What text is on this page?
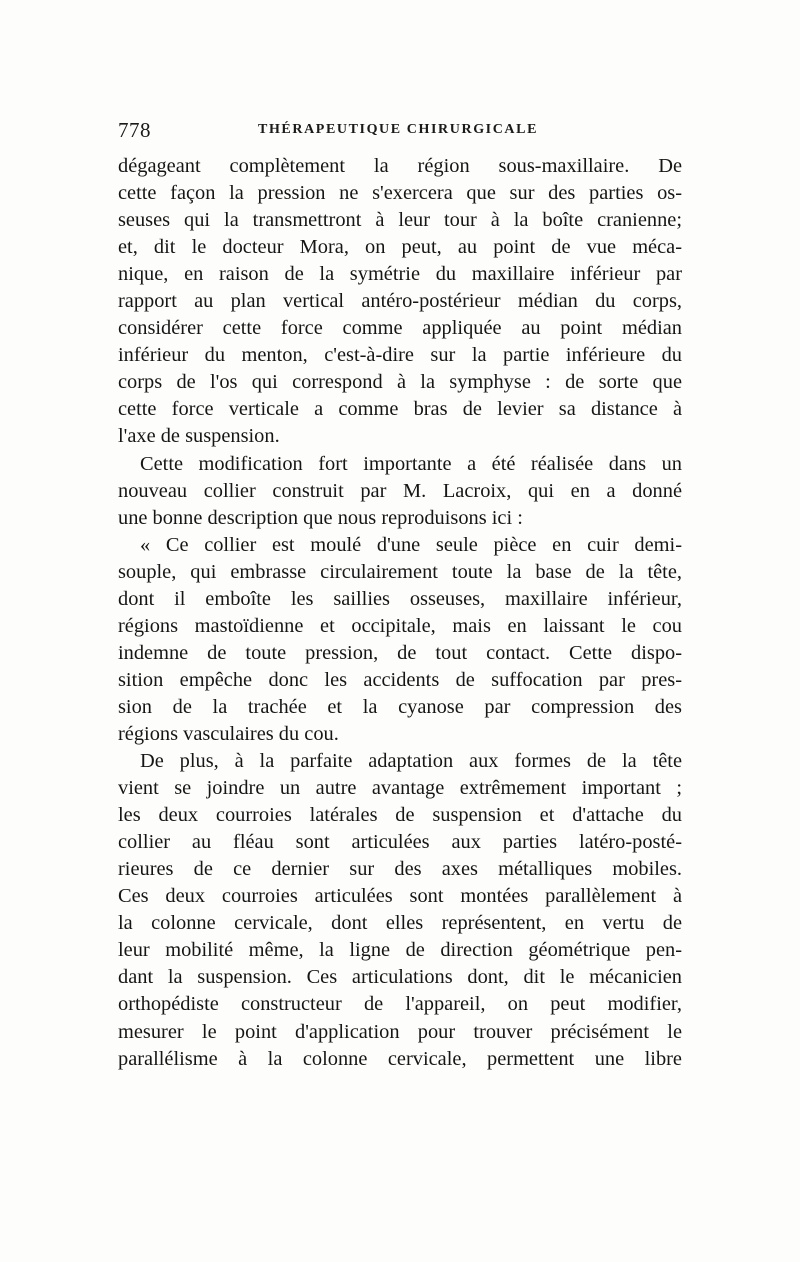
778	THÉRAPEUTIQUE CHIRURGICALE
dégageant complètement la région sous-maxillaire. De
cette façon la pression ne s'exercera que sur des parties os-
seuses qui la transmettront à leur tour à la boîte cranienne;
et, dit le docteur Mora, on peut, au point de vue méca-
nique, en raison de la symétrie du maxillaire inférieur par
rapport au plan vertical antéro-postérieur médian du corps,
considérer cette force comme appliquée au point médian
inférieur du menton, c'est-à-dire sur la partie inférieure du
corps de l'os qui correspond à la symphyse : de sorte que
cette force verticale a comme bras de levier sa distance à
l'axe de suspension.
Cette modification fort importante a été réalisée dans un
nouveau collier construit par M. Lacroix, qui en a donné
une bonne description que nous reproduisons ici :
« Ce collier est moulé d'une seule pièce en cuir demi-
souple, qui embrasse circulairement toute la base de la tête,
dont il emboîte les saillies osseuses, maxillaire inférieur,
régions mastoïdienne et occipitale, mais en laissant le cou
indemne de toute pression, de tout contact. Cette dispo-
sition empêche donc les accidents de suffocation par pres-
sion de la trachée et la cyanose par compression des
régions vasculaires du cou.
De plus, à la parfaite adaptation aux formes de la tête
vient se joindre un autre avantage extrêmement important ;
les deux courroies latérales de suspension et d'attache du
collier au fléau sont articulées aux parties latéro-posté-
rieures de ce dernier sur des axes métalliques mobiles.
Ces deux courroies articulées sont montées parallèlement à
la colonne cervicale, dont elles représentent, en vertu de
leur mobilité même, la ligne de direction géométrique pen-
dant la suspension. Ces articulations dont, dit le mécanicien
orthopédiste constructeur de l'appareil, on peut modifier,
mesurer le point d'application pour trouver précisément le
parallélisme à la colonne cervicale, permettent une libre
